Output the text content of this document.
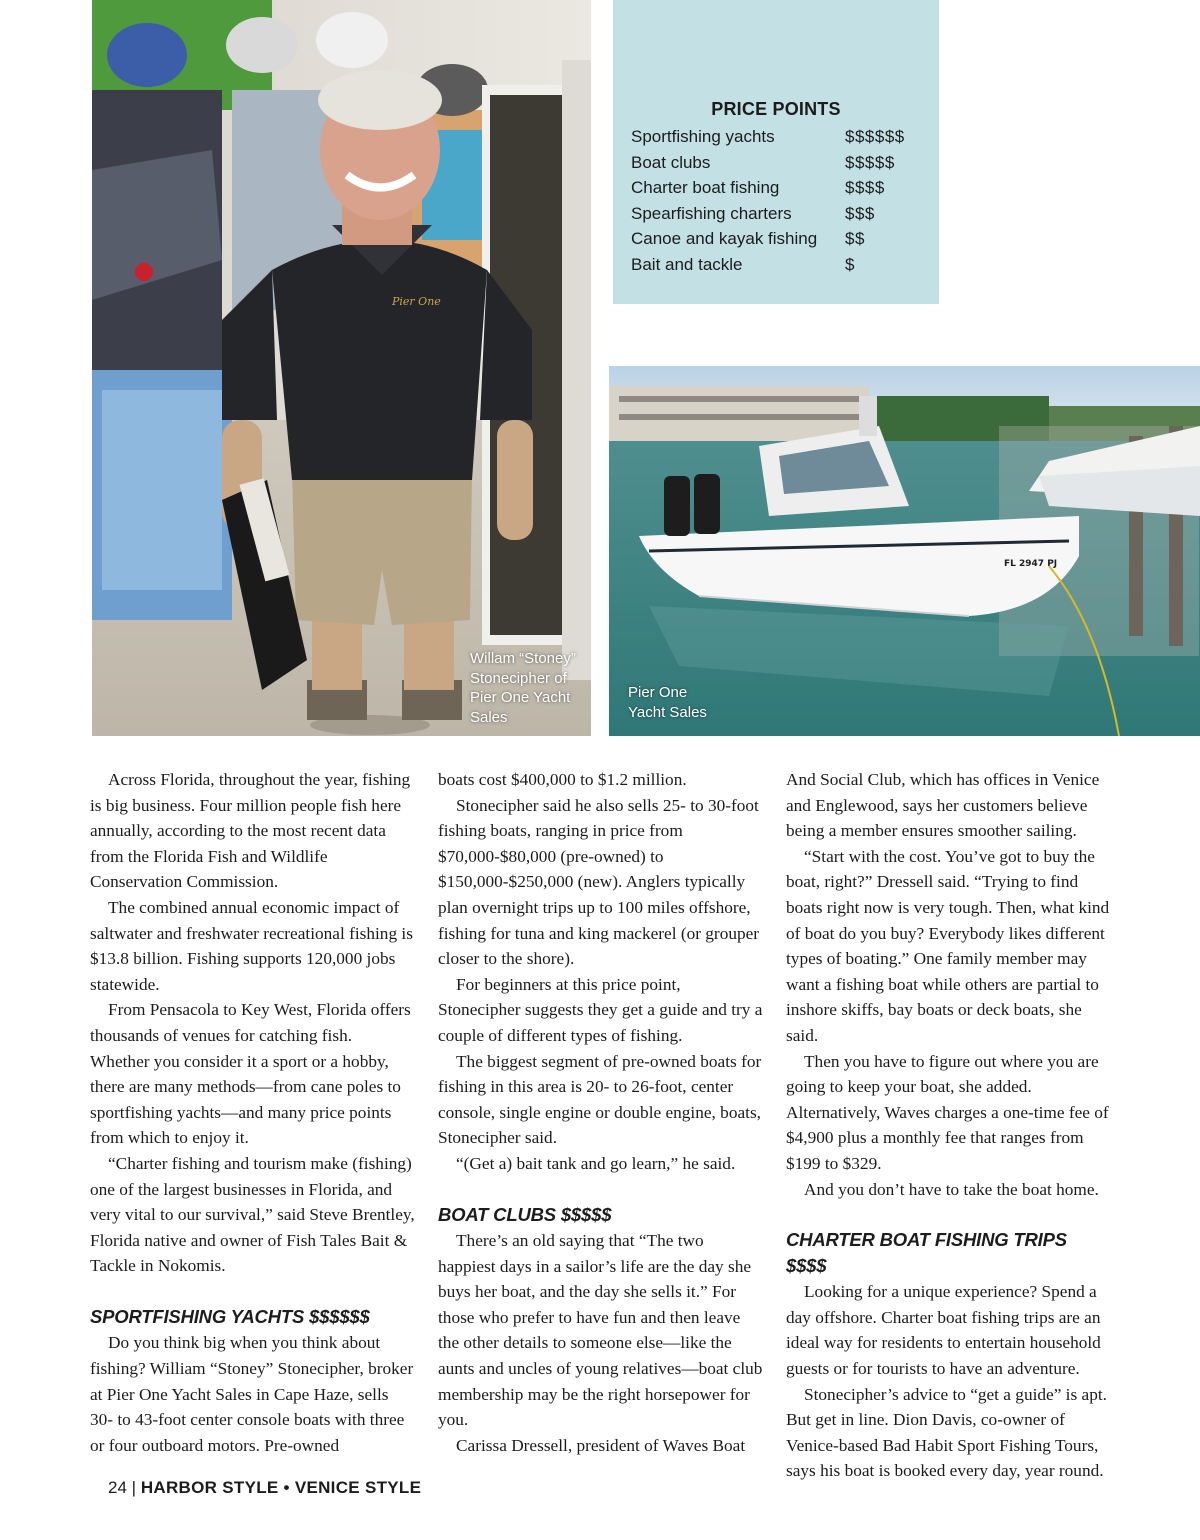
Pier One
Willam “Stoney”
Stonecipher of
Pier One Yacht
Sales
PRICE POINTS
Sportfishing yachts	$$$$$$
Boat clubs	$$$$$
Charter boat fishing	$$$$
Spearfishing charters	$$$
Canoe and kayak fishing	$$
Bait and tackle	$
FL 2947 PJ
Pier One
Yacht Sales

Across Florida, throughout the year, fishing is big business. Four million people fish here annually, according to the most recent data from the Florida Fish and Wildlife Conservation Commission.

The combined annual economic impact of saltwater and freshwater recreational fishing is $13.8 billion. Fishing supports 120,000 jobs statewide.

From Pensacola to Key West, Florida offers thousands of venues for catching fish. Whether you consider it a sport or a hobby, there are many methods—from cane poles to sportfishing yachts—and many price points from which to enjoy it.

“Charter fishing and tourism make (fishing) one of the largest businesses in Florida, and very vital to our survival,” said Steve Brentley, Florida native and owner of Fish Tales Bait & Tackle in Nokomis.

SPORTFISHING YACHTS $$$$$$

Do you think big when you think about fishing? William “Stoney” Stonecipher, broker at Pier One Yacht Sales in Cape Haze, sells 30- to 43-foot center console boats with three or four outboard motors. Pre-owned

boats cost $400,000 to $1.2 million.

Stonecipher said he also sells 25- to 30-foot fishing boats, ranging in price from $70,000-$80,000 (pre-owned) to $150,000-$250,000 (new). Anglers typically plan overnight trips up to 100 miles offshore, fishing for tuna and king mackerel (or grouper closer to the shore).

For beginners at this price point, Stonecipher suggests they get a guide and try a couple of different types of fishing.

The biggest segment of pre-owned boats for fishing in this area is 20- to 26-foot, center console, single engine or double engine, boats, Stonecipher said.

“(Get a) bait tank and go learn,” he said.

BOAT CLUBS $$$$$

There’s an old saying that “The two happiest days in a sailor’s life are the day she buys her boat, and the day she sells it.” For those who prefer to have fun and then leave the other details to someone else—like the aunts and uncles of young relatives—boat club membership may be the right horsepower for you.

Carissa Dressell, president of Waves Boat

And Social Club, which has offices in Venice and Englewood, says her customers believe being a member ensures smoother sailing.

“Start with the cost. You’ve got to buy the boat, right?” Dressell said. “Trying to find boats right now is very tough. Then, what kind of boat do you buy? Everybody likes different types of boating.” One family member may want a fishing boat while others are partial to inshore skiffs, bay boats or deck boats, she said.

Then you have to figure out where you are going to keep your boat, she added. Alternatively, Waves charges a one-time fee of $4,900 plus a monthly fee that ranges from $199 to $329.

And you don’t have to take the boat home.

CHARTER BOAT FISHING TRIPS $$$$

Looking for a unique experience? Spend a day offshore. Charter boat fishing trips are an ideal way for residents to entertain household guests or for tourists to have an adventure.

Stonecipher’s advice to “get a guide” is apt. But get in line. Dion Davis, co-owner of Venice-based Bad Habit Sport Fishing Tours, says his boat is booked every day, year round.

24 | HARBOR STYLE • VENICE STYLE
